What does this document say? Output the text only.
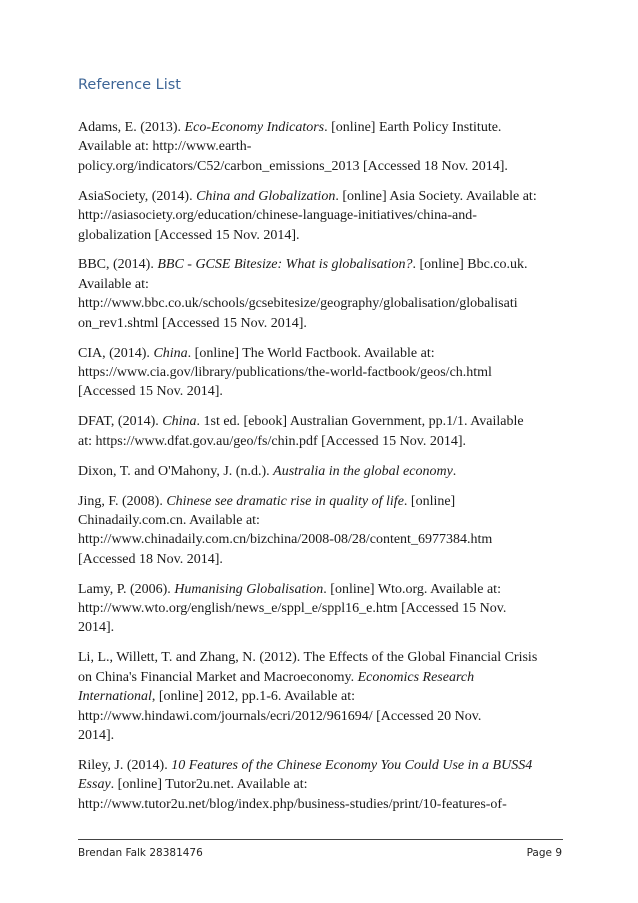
Reference List

Adams, E. (2013). Eco-Economy Indicators. [online] Earth Policy Institute.
Available at: http://www.earth-
policy.org/indicators/C52/carbon_emissions_2013 [Accessed 18 Nov. 2014].

AsiaSociety, (2014). China and Globalization. [online] Asia Society. Available at:
http://asiasociety.org/education/chinese-language-initiatives/china-and-
globalization [Accessed 15 Nov. 2014].

BBC, (2014). BBC - GCSE Bitesize: What is globalisation?. [online] Bbc.co.uk.
Available at:
http://www.bbc.co.uk/schools/gcsebitesize/geography/globalisation/globalisati
on_rev1.shtml [Accessed 15 Nov. 2014].

CIA, (2014). China. [online] The World Factbook. Available at:
https://www.cia.gov/library/publications/the-world-factbook/geos/ch.html
[Accessed 15 Nov. 2014].

DFAT, (2014). China. 1st ed. [ebook] Australian Government, pp.1/1. Available
at: https://www.dfat.gov.au/geo/fs/chin.pdf [Accessed 15 Nov. 2014].

Dixon, T. and O'Mahony, J. (n.d.). Australia in the global economy.

Jing, F. (2008). Chinese see dramatic rise in quality of life. [online]
Chinadaily.com.cn. Available at:
http://www.chinadaily.com.cn/bizchina/2008-08/28/content_6977384.htm
[Accessed 18 Nov. 2014].

Lamy, P. (2006). Humanising Globalisation. [online] Wto.org. Available at:
http://www.wto.org/english/news_e/sppl_e/sppl16_e.htm [Accessed 15 Nov.
2014].

Li, L., Willett, T. and Zhang, N. (2012). The Effects of the Global Financial Crisis
on China's Financial Market and Macroeconomy. Economics Research
International, [online] 2012, pp.1-6. Available at:
http://www.hindawi.com/journals/ecri/2012/961694/ [Accessed 20 Nov.
2014].

Riley, J. (2014). 10 Features of the Chinese Economy You Could Use in a BUSS4
Essay. [online] Tutor2u.net. Available at:
http://www.tutor2u.net/blog/index.php/business-studies/print/10-features-of-

Brendan Falk 28381476	Page 9
